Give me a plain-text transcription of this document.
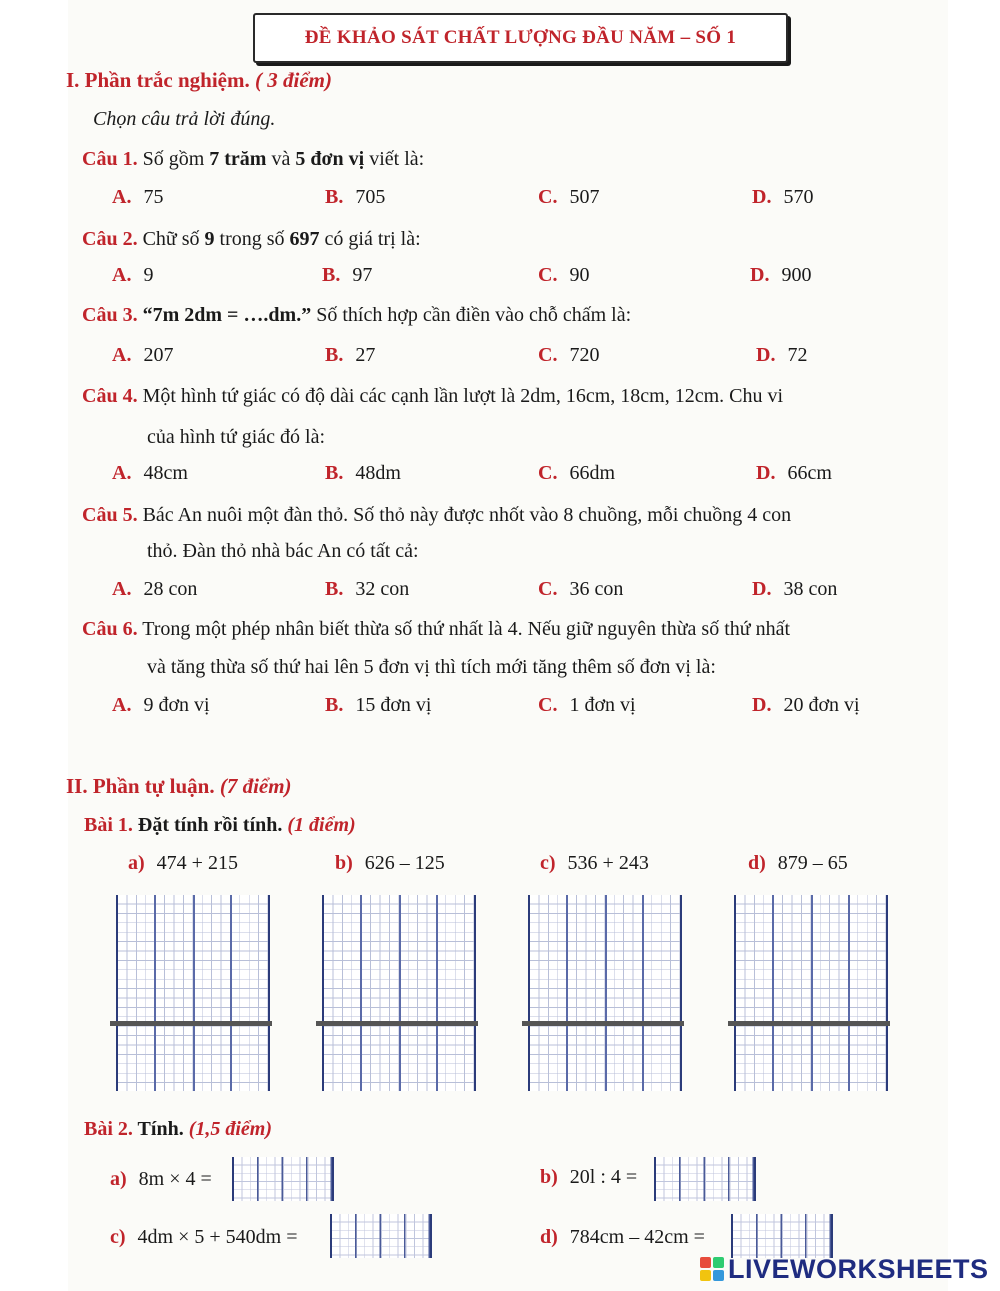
ĐỀ KHẢO SÁT CHẤT LƯỢNG ĐẦU NĂM – SỐ 1
I. Phần trắc nghiệm. ( 3 điểm)
Chọn câu trả lời đúng.
Câu 1. Số gồm 7 trăm và 5 đơn vị viết là:
A. 75	B. 705	C. 507	D. 570
Câu 2. Chữ số 9 trong số 697 có giá trị là:
A. 9	B. 97	C. 90	D. 900
Câu 3. “7m 2dm = ….dm.” Số thích hợp cần điền vào chỗ chấm là:
A. 207	B. 27	C. 720	D. 72
Câu 4. Một hình tứ giác có độ dài các cạnh lần lượt là 2dm, 16cm, 18cm, 12cm. Chu vi
của hình tứ giác đó là:
A. 48cm	B. 48dm	C. 66dm	D. 66cm
Câu 5. Bác An nuôi một đàn thỏ. Số thỏ này được nhốt vào 8 chuồng, mỗi chuồng 4 con
thỏ. Đàn thỏ nhà bác An có tất cả:
A. 28 con	B. 32 con	C. 36 con	D. 38 con
Câu 6. Trong một phép nhân biết thừa số thứ nhất là 4. Nếu giữ nguyên thừa số thứ nhất
và tăng thừa số thứ hai lên 5 đơn vị thì tích mới tăng thêm số đơn vị là:
A. 9 đơn vị	B. 15 đơn vị	C. 1 đơn vị	D. 20 đơn vị
II. Phần tự luận. (7 điểm)
Bài 1. Đặt tính rồi tính. (1 điểm)
a) 474 + 215	b) 626 – 125	c) 536 + 243	d) 879 – 65
Bài 2. Tính. (1,5 điểm)
a) 8m × 4 =	b) 20l : 4 =
c) 4dm × 5 + 540dm =	d) 784cm – 42cm =
LIVEWORKSHEETS
